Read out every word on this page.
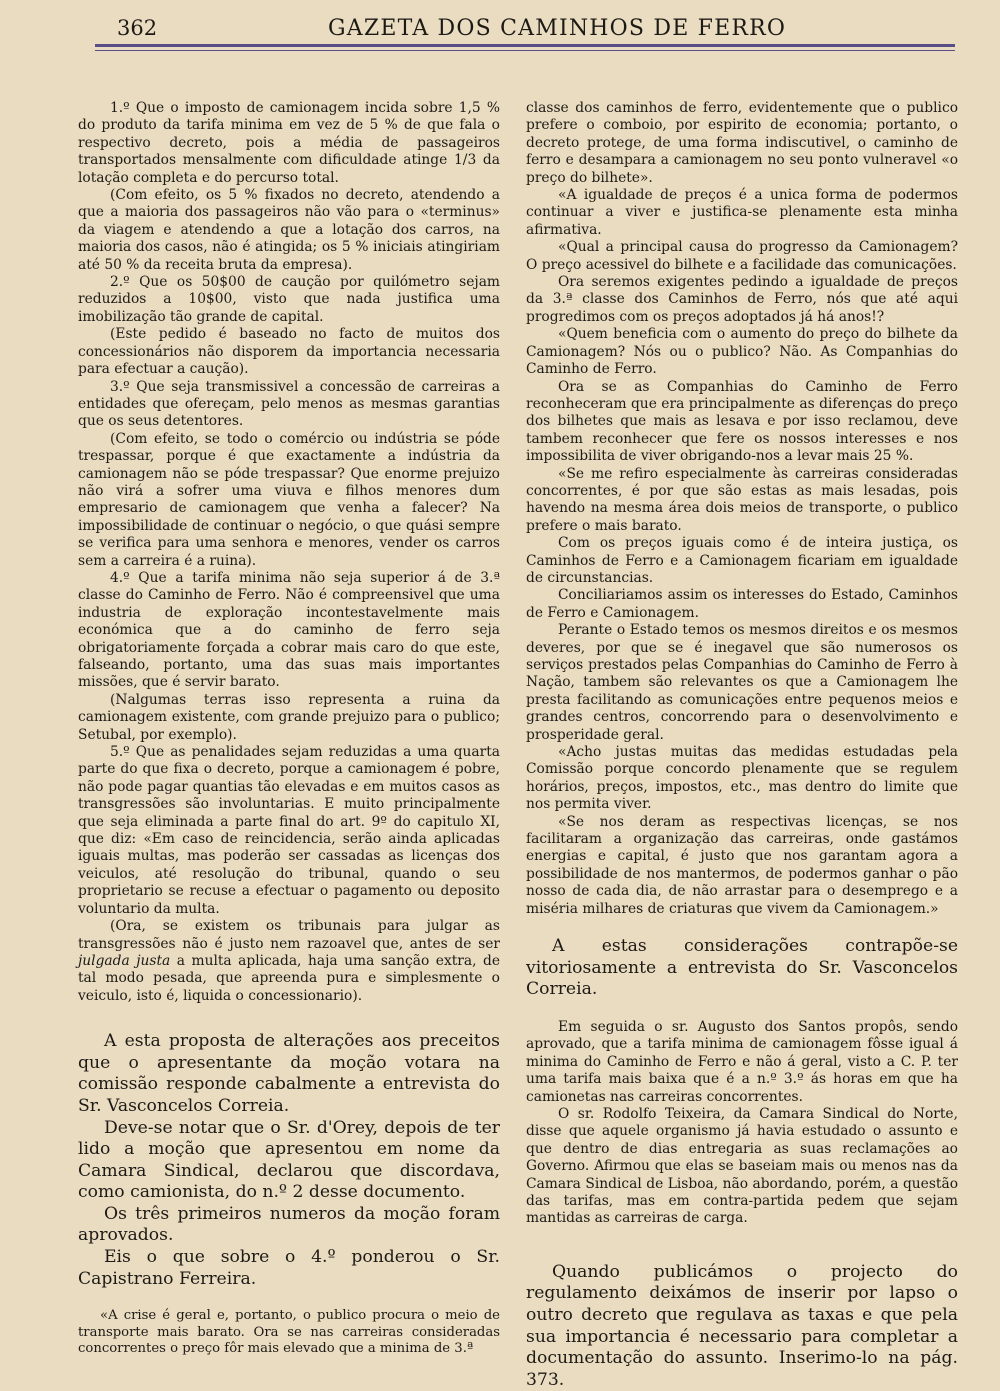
362	GAZETA DOS CAMINHOS DE FERRO

1.º Que o imposto de camionagem incida sobre 1,5 % do produto da tarifa minima em vez de 5 % de que fala o respectivo decreto, pois a média de passageiros transportados mensalmente com dificuldade atinge 1/3 da lotação completa e do percurso total.

(Com efeito, os 5 % fixados no decreto, atendendo a que a maioria dos passageiros não vão para o «terminus» da viagem e atendendo a que a lotação dos carros, na maioria dos casos, não é atingida; os 5 % iniciais atingiriam até 50 % da receita bruta da empresa).

2.º Que os 50$00 de caução por quilómetro sejam reduzidos a 10$00, visto que nada justifica uma imobilização tão grande de capital.

(Este pedido é baseado no facto de muitos dos concessionários não disporem da importancia necessaria para efectuar a caução).

3.º Que seja transmissivel a concessão de carreiras a entidades que ofereçam, pelo menos as mesmas garantias que os seus detentores.

(Com efeito, se todo o comércio ou indústria se póde trespassar, porque é que exactamente a indústria da camionagem não se póde trespassar? Que enorme prejuizo não virá a sofrer uma viuva e filhos menores dum empresario de camionagem que venha a falecer? Na impossibilidade de continuar o negócio, o que quási sempre se verifica para uma senhora e menores, vender os carros sem a carreira é a ruina).

4.º Que a tarifa minima não seja superior á de 3.ª classe do Caminho de Ferro. Não é compreensivel que uma industria de exploração incontestavelmente mais económica que a do caminho de ferro seja obrigatoriamente forçada a cobrar mais caro do que este, falseando, portanto, uma das suas mais importantes missões, que é servir barato.

(Nalgumas terras isso representa a ruina da camionagem existente, com grande prejuizo para o publico; Setubal, por exemplo).

5.º Que as penalidades sejam reduzidas a uma quarta parte do que fixa o decreto, porque a camionagem é pobre, não pode pagar quantias tão elevadas e em muitos casos as transgressões são involuntarias. E muito principalmente que seja eliminada a parte final do art. 9º do capitulo XI, que diz: «Em caso de reincidencia, serão ainda aplicadas iguais multas, mas poderão ser cassadas as licenças dos veiculos, até resolução do tribunal, quando o seu proprietario se recuse a efectuar o pagamento ou deposito voluntario da multa.

(Ora, se existem os tribunais para julgar as transgressões não é justo nem razoavel que, antes de ser julgada justa a multa aplicada, haja uma sanção extra, de tal modo pesada, que apreenda pura e simplesmente o veiculo, isto é, liquida o concessionario).

A esta proposta de alterações aos preceitos que o apresentante da moção votara na comissão responde cabalmente a entrevista do Sr. Vasconcelos Correia.

Deve-se notar que o Sr. d'Orey, depois de ter lido a moção que apresentou em nome da Camara Sindical, declarou que discordava, como camionista, do n.º 2 desse documento.

Os três primeiros numeros da moção foram aprovados.

Eis o que sobre o 4.º ponderou o Sr. Capistrano Ferreira.

«A crise é geral e, portanto, o publico procura o meio de transporte mais barato. Ora se nas carreiras consideradas concorrentes o preço fôr mais elevado que a minima de 3.ª

classe dos caminhos de ferro, evidentemente que o publico prefere o comboio, por espirito de economia; portanto, o decreto protege, de uma forma indiscutivel, o caminho de ferro e desampara a camionagem no seu ponto vulneravel «o preço do bilhete».

«A igualdade de preços é a unica forma de podermos continuar a viver e justifica-se plenamente esta minha afirmativa.

«Qual a principal causa do progresso da Camionagem? O preço acessivel do bilhete e a facilidade das comunicações.

Ora seremos exigentes pedindo a igualdade de preços da 3.ª classe dos Caminhos de Ferro, nós que até aqui progredimos com os preços adoptados já há anos!?

«Quem beneficia com o aumento do preço do bilhete da Camionagem? Nós ou o publico? Não. As Companhias do Caminho de Ferro.

Ora se as Companhias do Caminho de Ferro reconheceram que era principalmente as diferenças do preço dos bilhetes que mais as lesava e por isso reclamou, deve tambem reconhecer que fere os nossos interesses e nos impossibilita de viver obrigando-nos a levar mais 25 %.

«Se me refiro especialmente às carreiras consideradas concorrentes, é por que são estas as mais lesadas, pois havendo na mesma área dois meios de transporte, o publico prefere o mais barato.

Com os preços iguais como é de inteira justiça, os Caminhos de Ferro e a Camionagem ficariam em igualdade de circunstancias.

Conciliariamos assim os interesses do Estado, Caminhos de Ferro e Camionagem.

Perante o Estado temos os mesmos direitos e os mesmos deveres, por que se é inegavel que são numerosos os serviços prestados pelas Companhias do Caminho de Ferro à Nação, tambem são relevantes os que a Camionagem lhe presta facilitando as comunicações entre pequenos meios e grandes centros, concorrendo para o desenvolvimento e prosperidade geral.

«Acho justas muitas das medidas estudadas pela Comissão porque concordo plenamente que se regulem horários, preços, impostos, etc., mas dentro do limite que nos permita viver.

«Se nos deram as respectivas licenças, se nos facilitaram a organização das carreiras, onde gastámos energias e capital, é justo que nos garantam agora a possibilidade de nos mantermos, de podermos ganhar o pão nosso de cada dia, de não arrastar para o desemprego e a miséria milhares de criaturas que vivem da Camionagem.»

A estas considerações contrapõe-se vitoriosamente a entrevista do Sr. Vasconcelos Correia.

Em seguida o sr. Augusto dos Santos propôs, sendo aprovado, que a tarifa minima de camionagem fôsse igual á minima do Caminho de Ferro e não á geral, visto a C. P. ter uma tarifa mais baixa que é a n.º 3.º ás horas em que ha camionetas nas carreiras concorrentes.

O sr. Rodolfo Teixeira, da Camara Sindical do Norte, disse que aquele organismo já havia estudado o assunto e que dentro de dias entregaria as suas reclamações ao Governo. Afirmou que elas se baseiam mais ou menos nas da Camara Sindical de Lisboa, não abordando, porém, a questão das tarifas, mas em contra-partida pedem que sejam mantidas as carreiras de carga.

Quando publicámos o projecto do regulamento deixámos de inserir por lapso o outro decreto que regulava as taxas e que pela sua importancia é necessario para completar a documentação do assunto. Inserimo-lo na pág. 373.
